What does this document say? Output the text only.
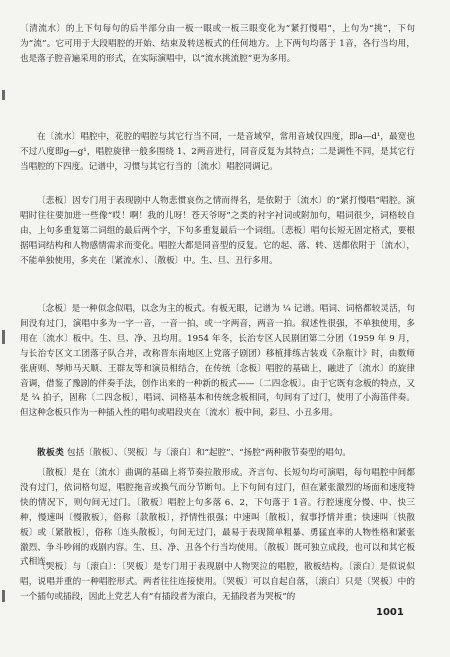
〔清流水〕的上下句每句的后半部分由一板一眼或一板三眼变化为“紧打慢唱”，上句为“挑”，下句为“流”。它可用于大段唱腔的开始、结束及转送板式的任何地方。上下两句均落于 1音，各行当均用，也是落子腔音遍采用的形式，在实际演唱中，以“流水挑流腔”更为多用。

在〔流水〕唱腔中，花腔的唱腔与其它行当不同，一是音域窄，常用音域仅四度，即a—d¹，最宽也不过八度即g—g¹，唱腔旋律一般多围绕 1、2两音进行，同音反复为其特点；二是调性不同，是其它行当唱腔的下四度。记谱中，习惯与其它行当的〔流水〕唱腔同调记。

〔悲板〕因专门用于表现剧中人物悲惯哀伤之情而得名，是依附于〔流水〕的“紧打慢唱”唱腔。演唱时往往要加进一些像“哎！啊！我的儿呀！苍天爷呀”之类的衬字衬词或附加句，唱词很少，词格较自由，上句多重复第二词组的最后两个字，下句多重复最后一个词组。〔悲板〕唱句长短无固定格式，要根据唱词结构和人物感情需求而变化。唱腔大都是同音型的反复。它的起、落、转、送都依附于〔流水〕，不能单独使用，多夹在〔紧流水〕、〔散板〕中。生、旦、丑行多用。

〔念板〕是一种似念似唱，以念为主的板式。有板无眼，记谱为 ¼ 记谱。唱词、词格都较灵活，句间没有过门，演唱中多为一字一音，一音一拍，或一字两音，两音一拍。叙述性很强，不单独使用，多用在〔流水〕板中。生、旦、净、丑均用。1954 年冬，长治专区人民剧团第二分团（1959 年 9 月，与长治专区文工团落子队合并，改称晋东南地区上党落子剧团）移植排练吉装戏《杂瓶计》时，由数师张唐则、琴师马天顺、王群友等和演员相结合，在传统〔念板〕唱腔的基础上，融进了〔流水〕的旋律音调，借鉴了豫剧的伴奏手法，创作出来的一种新的板式——〔二四念板〕。由于它既有念板的特点，又是 ²⁄₄ 拍子，固称〔二四念板〕，唱词、词格基本和传统念板相同，句间有了过门，使用了小海笛伴奏。但这种念板只作为一种插入性的唱句或唱段夹在〔流水〕板中间，彩旦、小丑多用。

散板类 包括〔散板〕、〔哭板〕与〔滚白〕和“起腔”、“扬腔”两种散节奏型的唱句。

〔散板〕是在〔流水〕曲调的基础上将节奏拉散形成。齐言句、长短句均可演唱，每句唱腔中间都没有过门，依词格句逗，唱腔拖音或换气而分节断句。上下句间有过门，但在紧张激烈的场面和速度特快的情况下，则句间无过门。〔散板〕唱腔上句多落 6、2，下句落于 1音。行腔速度分慢、中、快三种，慢速叫〔慢散板〕，俗称〔款散板〕，抒情性很强；中速叫〔散板〕，叙事抒情并重；快速叫〔快散板〕或〔紧散板〕，俗称〔连头散板〕，句间无过门，最易于表现简单粗暴、勇猛直率的人物性格和紧张激烈、争斗吵闹的戏剧内容。生、旦、净、丑各个行当均使用。〔散板〕既可独立成段，也可以和其它板式相连。

〔哭板〕与〔滚白〕：〔哭板〕是专门用于表现剧中人物哭泣的唱腔，散板结构。〔滚白〕是似说似唱，说唱并重的一种唱腔形式。两者往往连接使用。〔哭板〕可以自起自落，〔滚白〕只是〔哭板〕中的一个插句或插段，因此上党艺人有“有插段者为滚白，无插段者为哭板”的

1001
